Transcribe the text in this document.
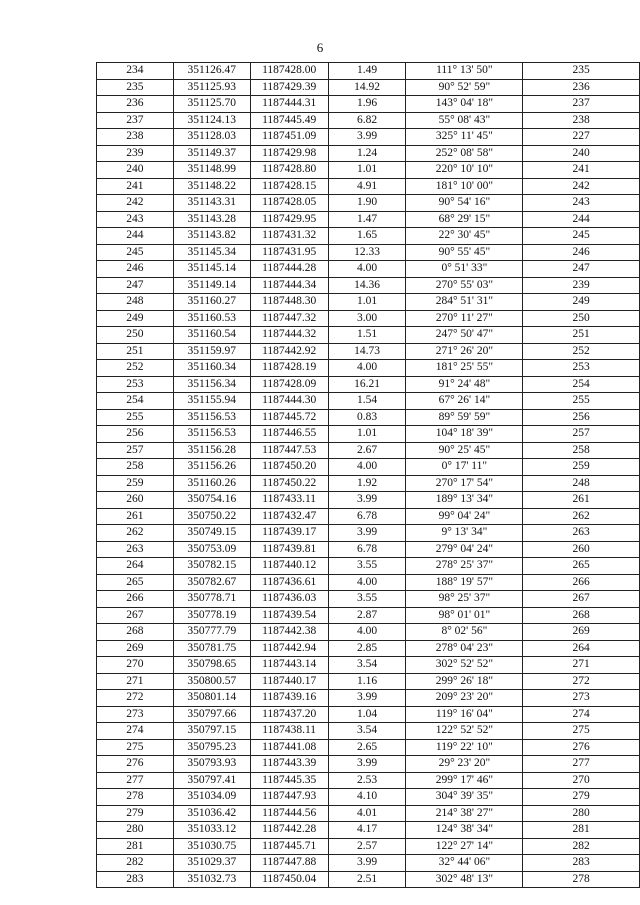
6
234	351126.47	1187428.00	1.49	111° 13' 50"	235
235	351125.93	1187429.39	14.92	90° 52' 59"	236
236	351125.70	1187444.31	1.96	143° 04' 18"	237
237	351124.13	1187445.49	6.82	55° 08' 43"	238
238	351128.03	1187451.09	3.99	325° 11' 45"	227
239	351149.37	1187429.98	1.24	252° 08' 58"	240
240	351148.99	1187428.80	1.01	220° 10' 10"	241
241	351148.22	1187428.15	4.91	181° 10' 00"	242
242	351143.31	1187428.05	1.90	90° 54' 16"	243
243	351143.28	1187429.95	1.47	68° 29' 15"	244
244	351143.82	1187431.32	1.65	22° 30' 45"	245
245	351145.34	1187431.95	12.33	90° 55' 45"	246
246	351145.14	1187444.28	4.00	0° 51' 33"	247
247	351149.14	1187444.34	14.36	270° 55' 03"	239
248	351160.27	1187448.30	1.01	284° 51' 31"	249
249	351160.53	1187447.32	3.00	270° 11' 27"	250
250	351160.54	1187444.32	1.51	247° 50' 47"	251
251	351159.97	1187442.92	14.73	271° 26' 20"	252
252	351160.34	1187428.19	4.00	181° 25' 55"	253
253	351156.34	1187428.09	16.21	91° 24' 48"	254
254	351155.94	1187444.30	1.54	67° 26' 14"	255
255	351156.53	1187445.72	0.83	89° 59' 59"	256
256	351156.53	1187446.55	1.01	104° 18' 39"	257
257	351156.28	1187447.53	2.67	90° 25' 45"	258
258	351156.26	1187450.20	4.00	0° 17' 11"	259
259	351160.26	1187450.22	1.92	270° 17' 54"	248
260	350754.16	1187433.11	3.99	189° 13' 34"	261
261	350750.22	1187432.47	6.78	99° 04' 24"	262
262	350749.15	1187439.17	3.99	9° 13' 34"	263
263	350753.09	1187439.81	6.78	279° 04' 24"	260
264	350782.15	1187440.12	3.55	278° 25' 37"	265
265	350782.67	1187436.61	4.00	188° 19' 57"	266
266	350778.71	1187436.03	3.55	98° 25' 37"	267
267	350778.19	1187439.54	2.87	98° 01' 01"	268
268	350777.79	1187442.38	4.00	8° 02' 56"	269
269	350781.75	1187442.94	2.85	278° 04' 23"	264
270	350798.65	1187443.14	3.54	302° 52' 52"	271
271	350800.57	1187440.17	1.16	299° 26' 18"	272
272	350801.14	1187439.16	3.99	209° 23' 20"	273
273	350797.66	1187437.20	1.04	119° 16' 04"	274
274	350797.15	1187438.11	3.54	122° 52' 52"	275
275	350795.23	1187441.08	2.65	119° 22' 10"	276
276	350793.93	1187443.39	3.99	29° 23' 20"	277
277	350797.41	1187445.35	2.53	299° 17' 46"	270
278	351034.09	1187447.93	4.10	304° 39' 35"	279
279	351036.42	1187444.56	4.01	214° 38' 27"	280
280	351033.12	1187442.28	4.17	124° 38' 34"	281
281	351030.75	1187445.71	2.57	122° 27' 14"	282
282	351029.37	1187447.88	3.99	32° 44' 06"	283
283	351032.73	1187450.04	2.51	302° 48' 13"	278
